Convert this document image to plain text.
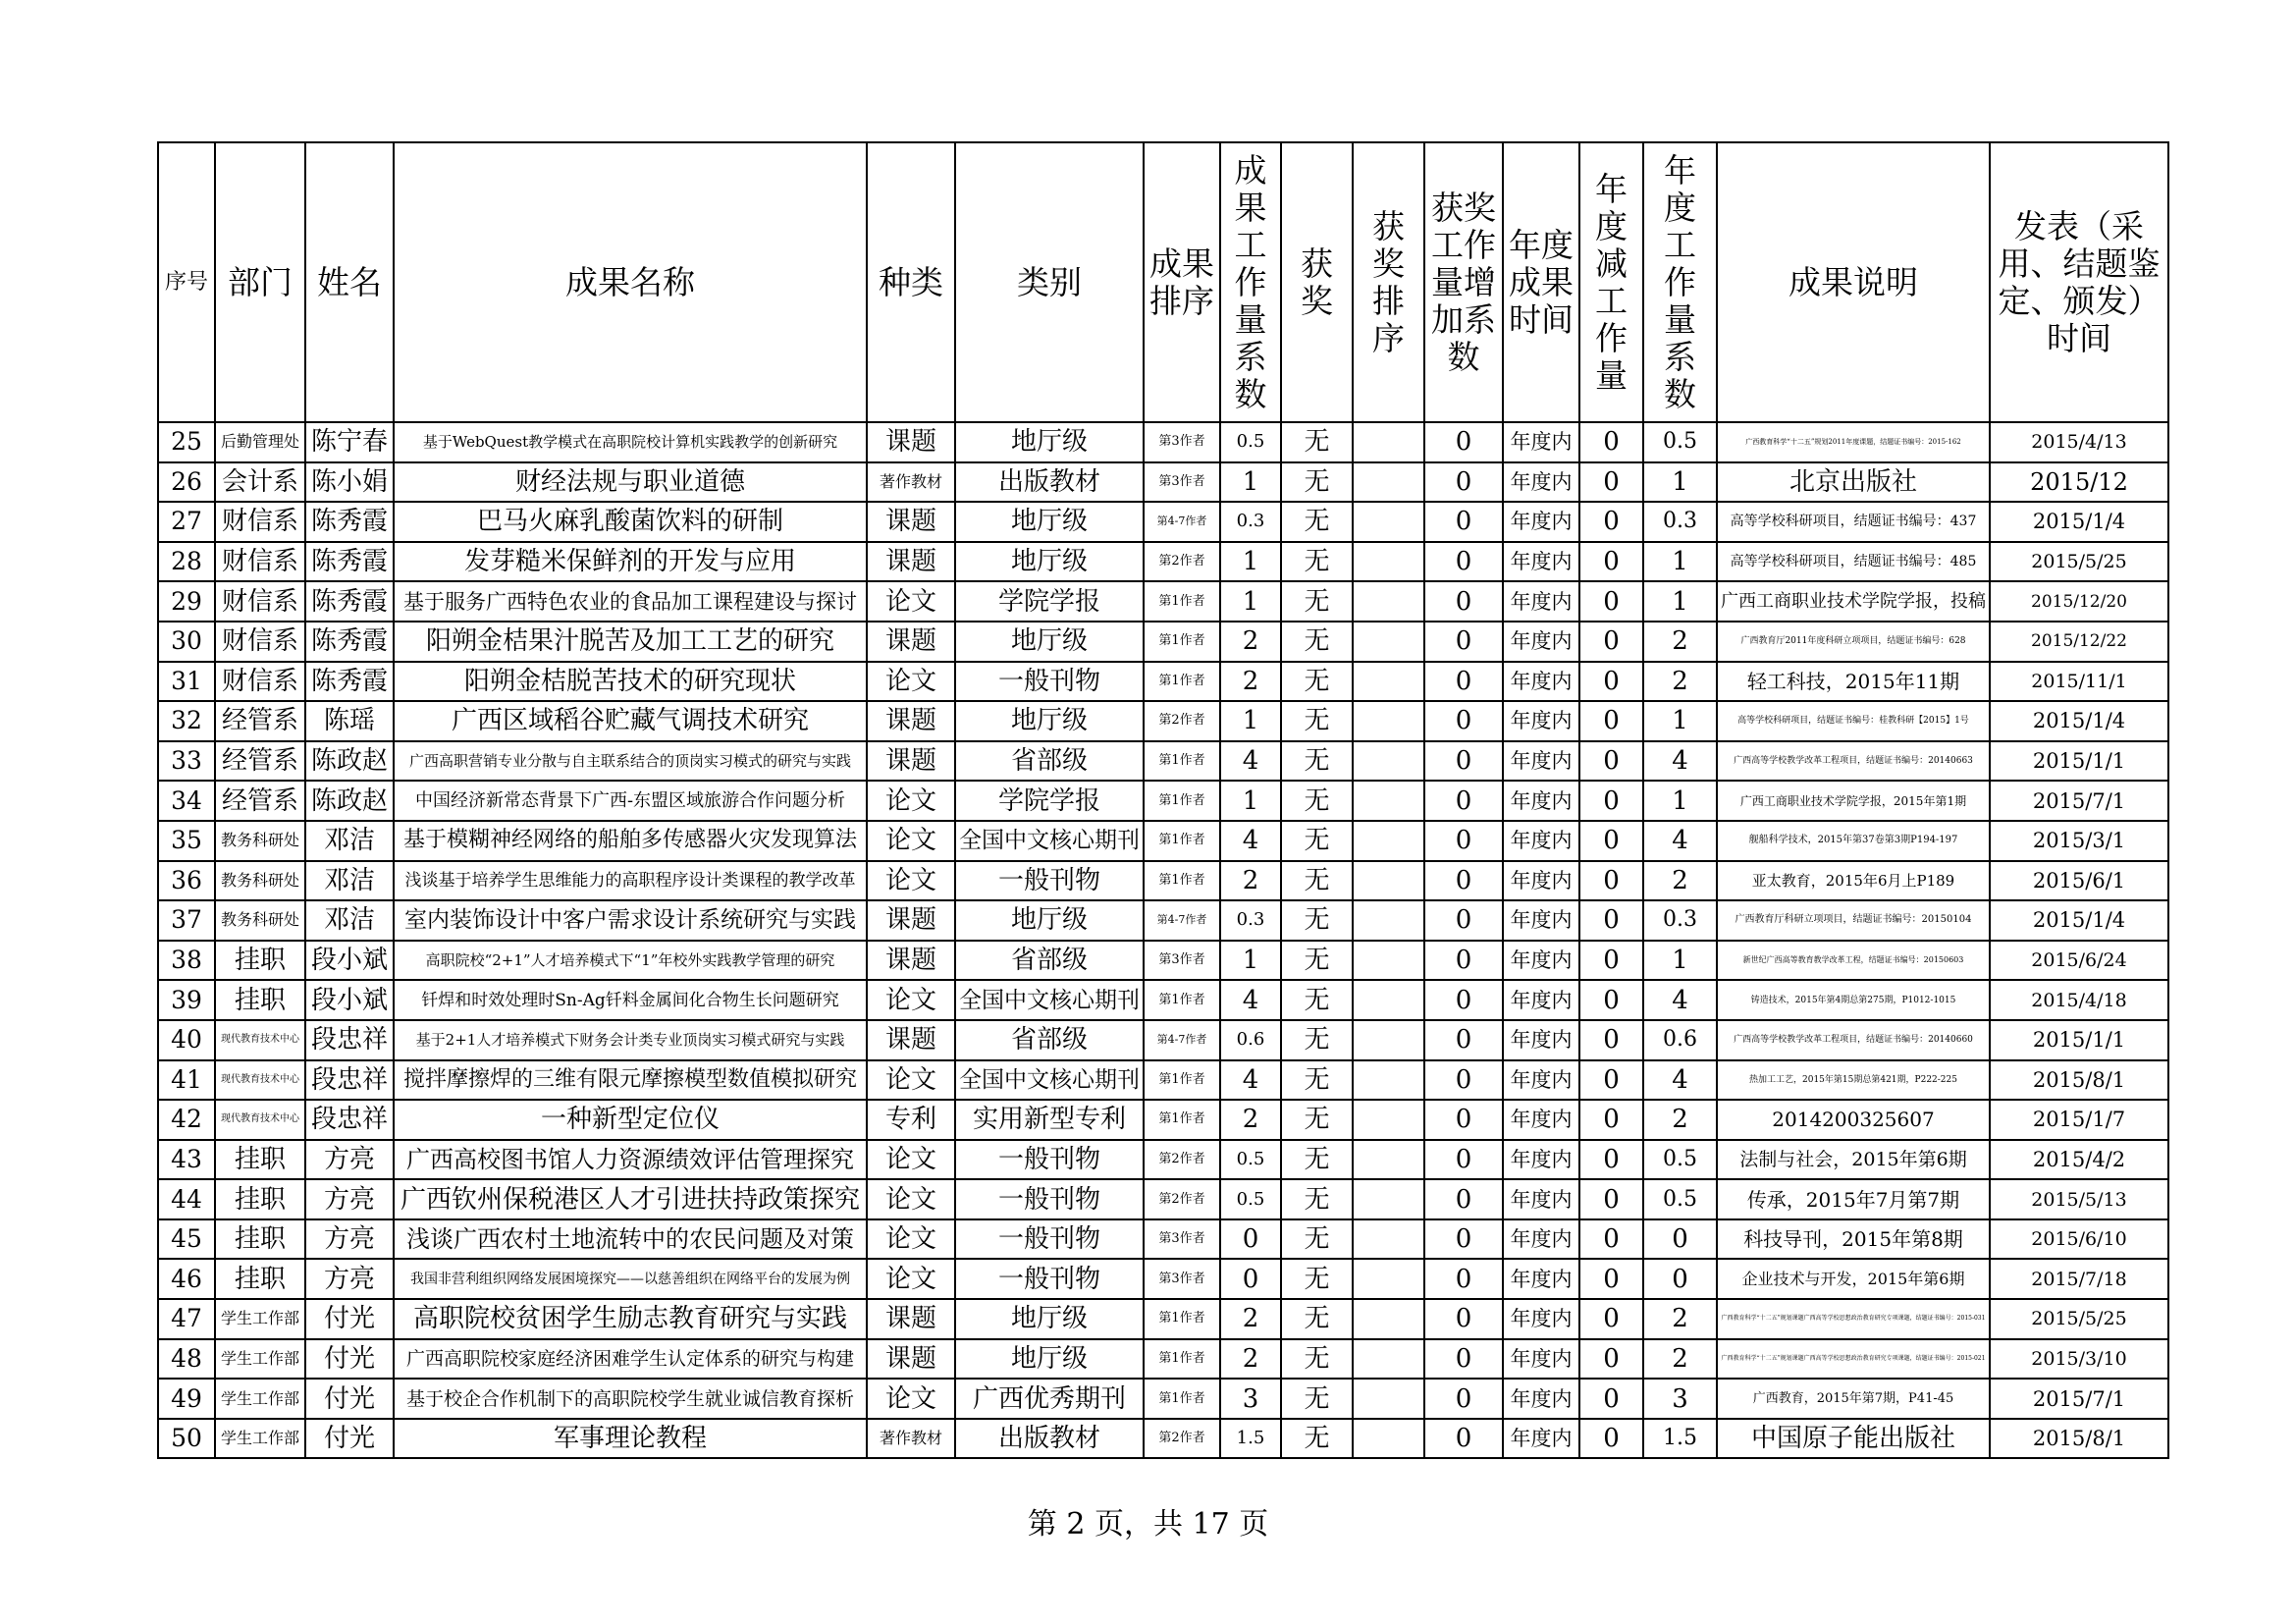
序号	部门	姓名	成果名称	种类	类别	成果排序	成果工作量系数	获奖	获奖排序	获奖工作量增加系数	年度成果时间	年度减工作量	年度工作量系数	成果说明	发表（采用、结题鉴定、颁发）时间
25	后勤管理处	陈宁春	基于WebQuest教学模式在高职院校计算机实践教学的创新研究	课题	地厅级	第3作者	0.5	无		0	年度内	0	0.5	广西教育科学“十二五”规划2011年度课题，结题证书编号：2015-162	2015/4/13
26	会计系	陈小娟	财经法规与职业道德	著作教材	出版教材	第3作者	1	无		0	年度内	0	1	北京出版社	2015/12
27	财信系	陈秀霞	巴马火麻乳酸菌饮料的研制	课题	地厅级	第4-7作者	0.3	无		0	年度内	0	0.3	高等学校科研项目，结题证书编号：437	2015/1/4
28	财信系	陈秀霞	发芽糙米保鲜剂的开发与应用	课题	地厅级	第2作者	1	无		0	年度内	0	1	高等学校科研项目，结题证书编号：485	2015/5/25
29	财信系	陈秀霞	基于服务广西特色农业的食品加工课程建设与探讨	论文	学院学报	第1作者	1	无		0	年度内	0	1	广西工商职业技术学院学报，投稿	2015/12/20
30	财信系	陈秀霞	阳朔金桔果汁脱苦及加工工艺的研究	课题	地厅级	第1作者	2	无		0	年度内	0	2	广西教育厅2011年度科研立项项目，结题证书编号：628	2015/12/22
31	财信系	陈秀霞	阳朔金桔脱苦技术的研究现状	论文	一般刊物	第1作者	2	无		0	年度内	0	2	轻工科技，2015年11期	2015/11/1
32	经管系	陈瑶	广西区域稻谷贮藏气调技术研究	课题	地厅级	第2作者	1	无		0	年度内	0	1	高等学校科研项目，结题证书编号：桂教科研【2015】1号	2015/1/4
33	经管系	陈政赵	广西高职营销专业分散与自主联系结合的顶岗实习模式的研究与实践	课题	省部级	第1作者	4	无		0	年度内	0	4	广西高等学校教学改革工程项目，结题证书编号：20140663	2015/1/1
34	经管系	陈政赵	中国经济新常态背景下广西-东盟区域旅游合作问题分析	论文	学院学报	第1作者	1	无		0	年度内	0	1	广西工商职业技术学院学报，2015年第1期	2015/7/1
35	教务科研处	邓洁	基于模糊神经网络的船舶多传感器火灾发现算法	论文	全国中文核心期刊	第1作者	4	无		0	年度内	0	4	舰船科学技术，2015年第37卷第3期P194-197	2015/3/1
36	教务科研处	邓洁	浅谈基于培养学生思维能力的高职程序设计类课程的教学改革	论文	一般刊物	第1作者	2	无		0	年度内	0	2	亚太教育，2015年6月上P189	2015/6/1
37	教务科研处	邓洁	室内装饰设计中客户需求设计系统研究与实践	课题	地厅级	第4-7作者	0.3	无		0	年度内	0	0.3	广西教育厅科研立项项目，结题证书编号：20150104	2015/1/4
38	挂职	段小斌	高职院校“2+1”人才培养模式下“1”年校外实践教学管理的研究	课题	省部级	第3作者	1	无		0	年度内	0	1	新世纪广西高等教育教学改革工程，结题证书编号：20150603	2015/6/24
39	挂职	段小斌	钎焊和时效处理时Sn-Ag钎料金属间化合物生长问题研究	论文	全国中文核心期刊	第1作者	4	无		0	年度内	0	4	铸造技术，2015年第4期总第275期，P1012-1015	2015/4/18
40	现代教育技术中心	段忠祥	基于2+1人才培养模式下财务会计类专业顶岗实习模式研究与实践	课题	省部级	第4-7作者	0.6	无		0	年度内	0	0.6	广西高等学校教学改革工程项目，结题证书编号：20140660	2015/1/1
41	现代教育技术中心	段忠祥	搅拌摩擦焊的三维有限元摩擦模型数值模拟研究	论文	全国中文核心期刊	第1作者	4	无		0	年度内	0	4	热加工工艺，2015年第15期总第421期，P222-225	2015/8/1
42	现代教育技术中心	段忠祥	一种新型定位仪	专利	实用新型专利	第1作者	2	无		0	年度内	0	2	2014200325607	2015/1/7
43	挂职	方亮	广西高校图书馆人力资源绩效评估管理探究	论文	一般刊物	第2作者	0.5	无		0	年度内	0	0.5	法制与社会，2015年第6期	2015/4/2
44	挂职	方亮	广西钦州保税港区人才引进扶持政策探究	论文	一般刊物	第2作者	0.5	无		0	年度内	0	0.5	传承，2015年7月第7期	2015/5/13
45	挂职	方亮	浅谈广西农村土地流转中的农民问题及对策	论文	一般刊物	第3作者	0	无		0	年度内	0	0	科技导刊，2015年第8期	2015/6/10
46	挂职	方亮	我国非营利组织网络发展困境探究——以慈善组织在网络平台的发展为例	论文	一般刊物	第3作者	0	无		0	年度内	0	0	企业技术与开发，2015年第6期	2015/7/18
47	学生工作部	付光	高职院校贫困学生励志教育研究与实践	课题	地厅级	第1作者	2	无		0	年度内	0	2	广西教育科学“十二五”规划课题广西高等学校思想政治教育研究专项课题，结题证书编号：2015-031	2015/5/25
48	学生工作部	付光	广西高职院校家庭经济困难学生认定体系的研究与构建	课题	地厅级	第1作者	2	无		0	年度内	0	2	广西教育科学“十二五”规划课题广西高等学校思想政治教育研究专项课题，结题证书编号：2015-021	2015/3/10
49	学生工作部	付光	基于校企合作机制下的高职院校学生就业诚信教育探析	论文	广西优秀期刊	第1作者	3	无		0	年度内	0	3	广西教育，2015年第7期，P41-45	2015/7/1
50	学生工作部	付光	军事理论教程	著作教材	出版教材	第2作者	1.5	无		0	年度内	0	1.5	中国原子能出版社	2015/8/1
第 2 页，共 17 页
